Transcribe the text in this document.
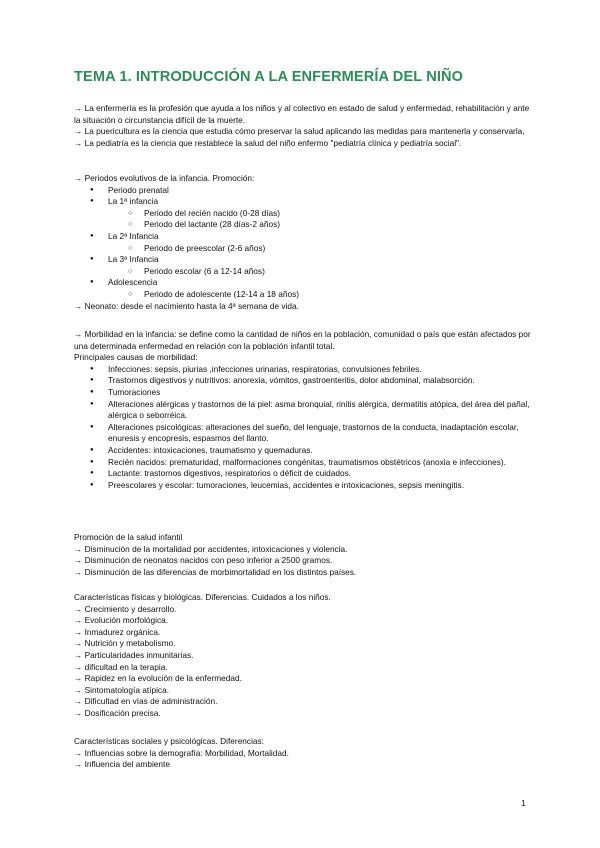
TEMA 1. INTRODUCCIÓN A LA ENFERMERÍA DEL NIÑO

→ La enfermería es la profesión que ayuda a los niños y al colectivo en estado de salud y enfermedad, rehabilitación y ante la situación o circunstancia difícil de la muerte.

→ La puericultura es la ciencia que estudia cómo preservar la salud aplicando las medidas para mantenerla y conservarla,

→ La pediatría es la ciencia que restablece la salud del niño enfermo "pediatría clínica y pediatría social".

→ Periodos evolutivos de la infancia. Promoción:

● Periodo prenatal
● La 1ª infancia
○ Periodo del recién nacido (0-28 días)
○ Periodo del lactante (28 días-2 años)
● La 2ª Infancia
○ Periodo de preescolar (2-6 años)
● La 3ª Infancia
○ Periodo escolar (6 a 12-14 años)
● Adolescencia
○ Periodo de adolescente (12-14 a 18 años)

→ Neonato: desde el nacimiento hasta la 4ª semana de vida.

→ Morbilidad en la infancia: se define como la cantidad de niños en la población, comunidad o país que están afectados por una determinada enfermedad en relación con la población infantil total.

Principales causas de morbilidad:

● Infecciones: sepsis, piurias ,infecciones urinarias, respiratorias, convulsiones febriles.
● Trastornos digestivos y nutritivos: anorexia, vómitos, gastroenteritis, dolor abdominal, malabsorción.
● Tumoraciones
● Alteraciones alérgicas y trastornos de la piel: asma bronquial, rinitis alérgica, dermatitis atópica, del área del pañal, alérgica o seborréica.
● Alteraciones psicológicas: alteraciones del sueño, del lenguaje, trastornos de la conducta, inadaptación escolar, enuresis y encopresis, espasmos del llanto.
● Accidentes: intoxicaciones, traumatismo y quemaduras.
● Recién nacidos: prematuridad, malformaciones congénitas, traumatismos obstétricos (anoxia e infecciones).
● Lactante: trastornos digestivos, respiratorios o déficit de cuidados.
● Preescolares y escolar: tumoraciones, leucemias, accidentes e intoxicaciones, sepsis meningitis.

Promoción de la salud infantil

→ Disminución de la mortalidad por accidentes, intoxicaciones y violencia.

→ Disminución de neonatos nacidos con peso inferior a 2500 gramos.

→ Disminución de las diferencias de morbimortalidad en los distintos países.

Características físicas y biológicas. Diferencias. Cuidados a los niños.

→ Crecimiento y desarrollo.

→ Evolución morfológica.

→ Inmadurez orgánica.

→ Nutrición y metabolismo.

→ Particularidades inmunitarias.

→ dificultad en la terapia.

→ Rapidez en la evolución de la enfermedad.

→ Sintomatología atípica.

→ Dificultad en vías de administración.

→ Dosificación precisa.

Características sociales y psicológicas. Diferencias:

→ Influencias sobre la demografía: Morbilidad, Mortalidad.

→ Influencia del ambiente

1
